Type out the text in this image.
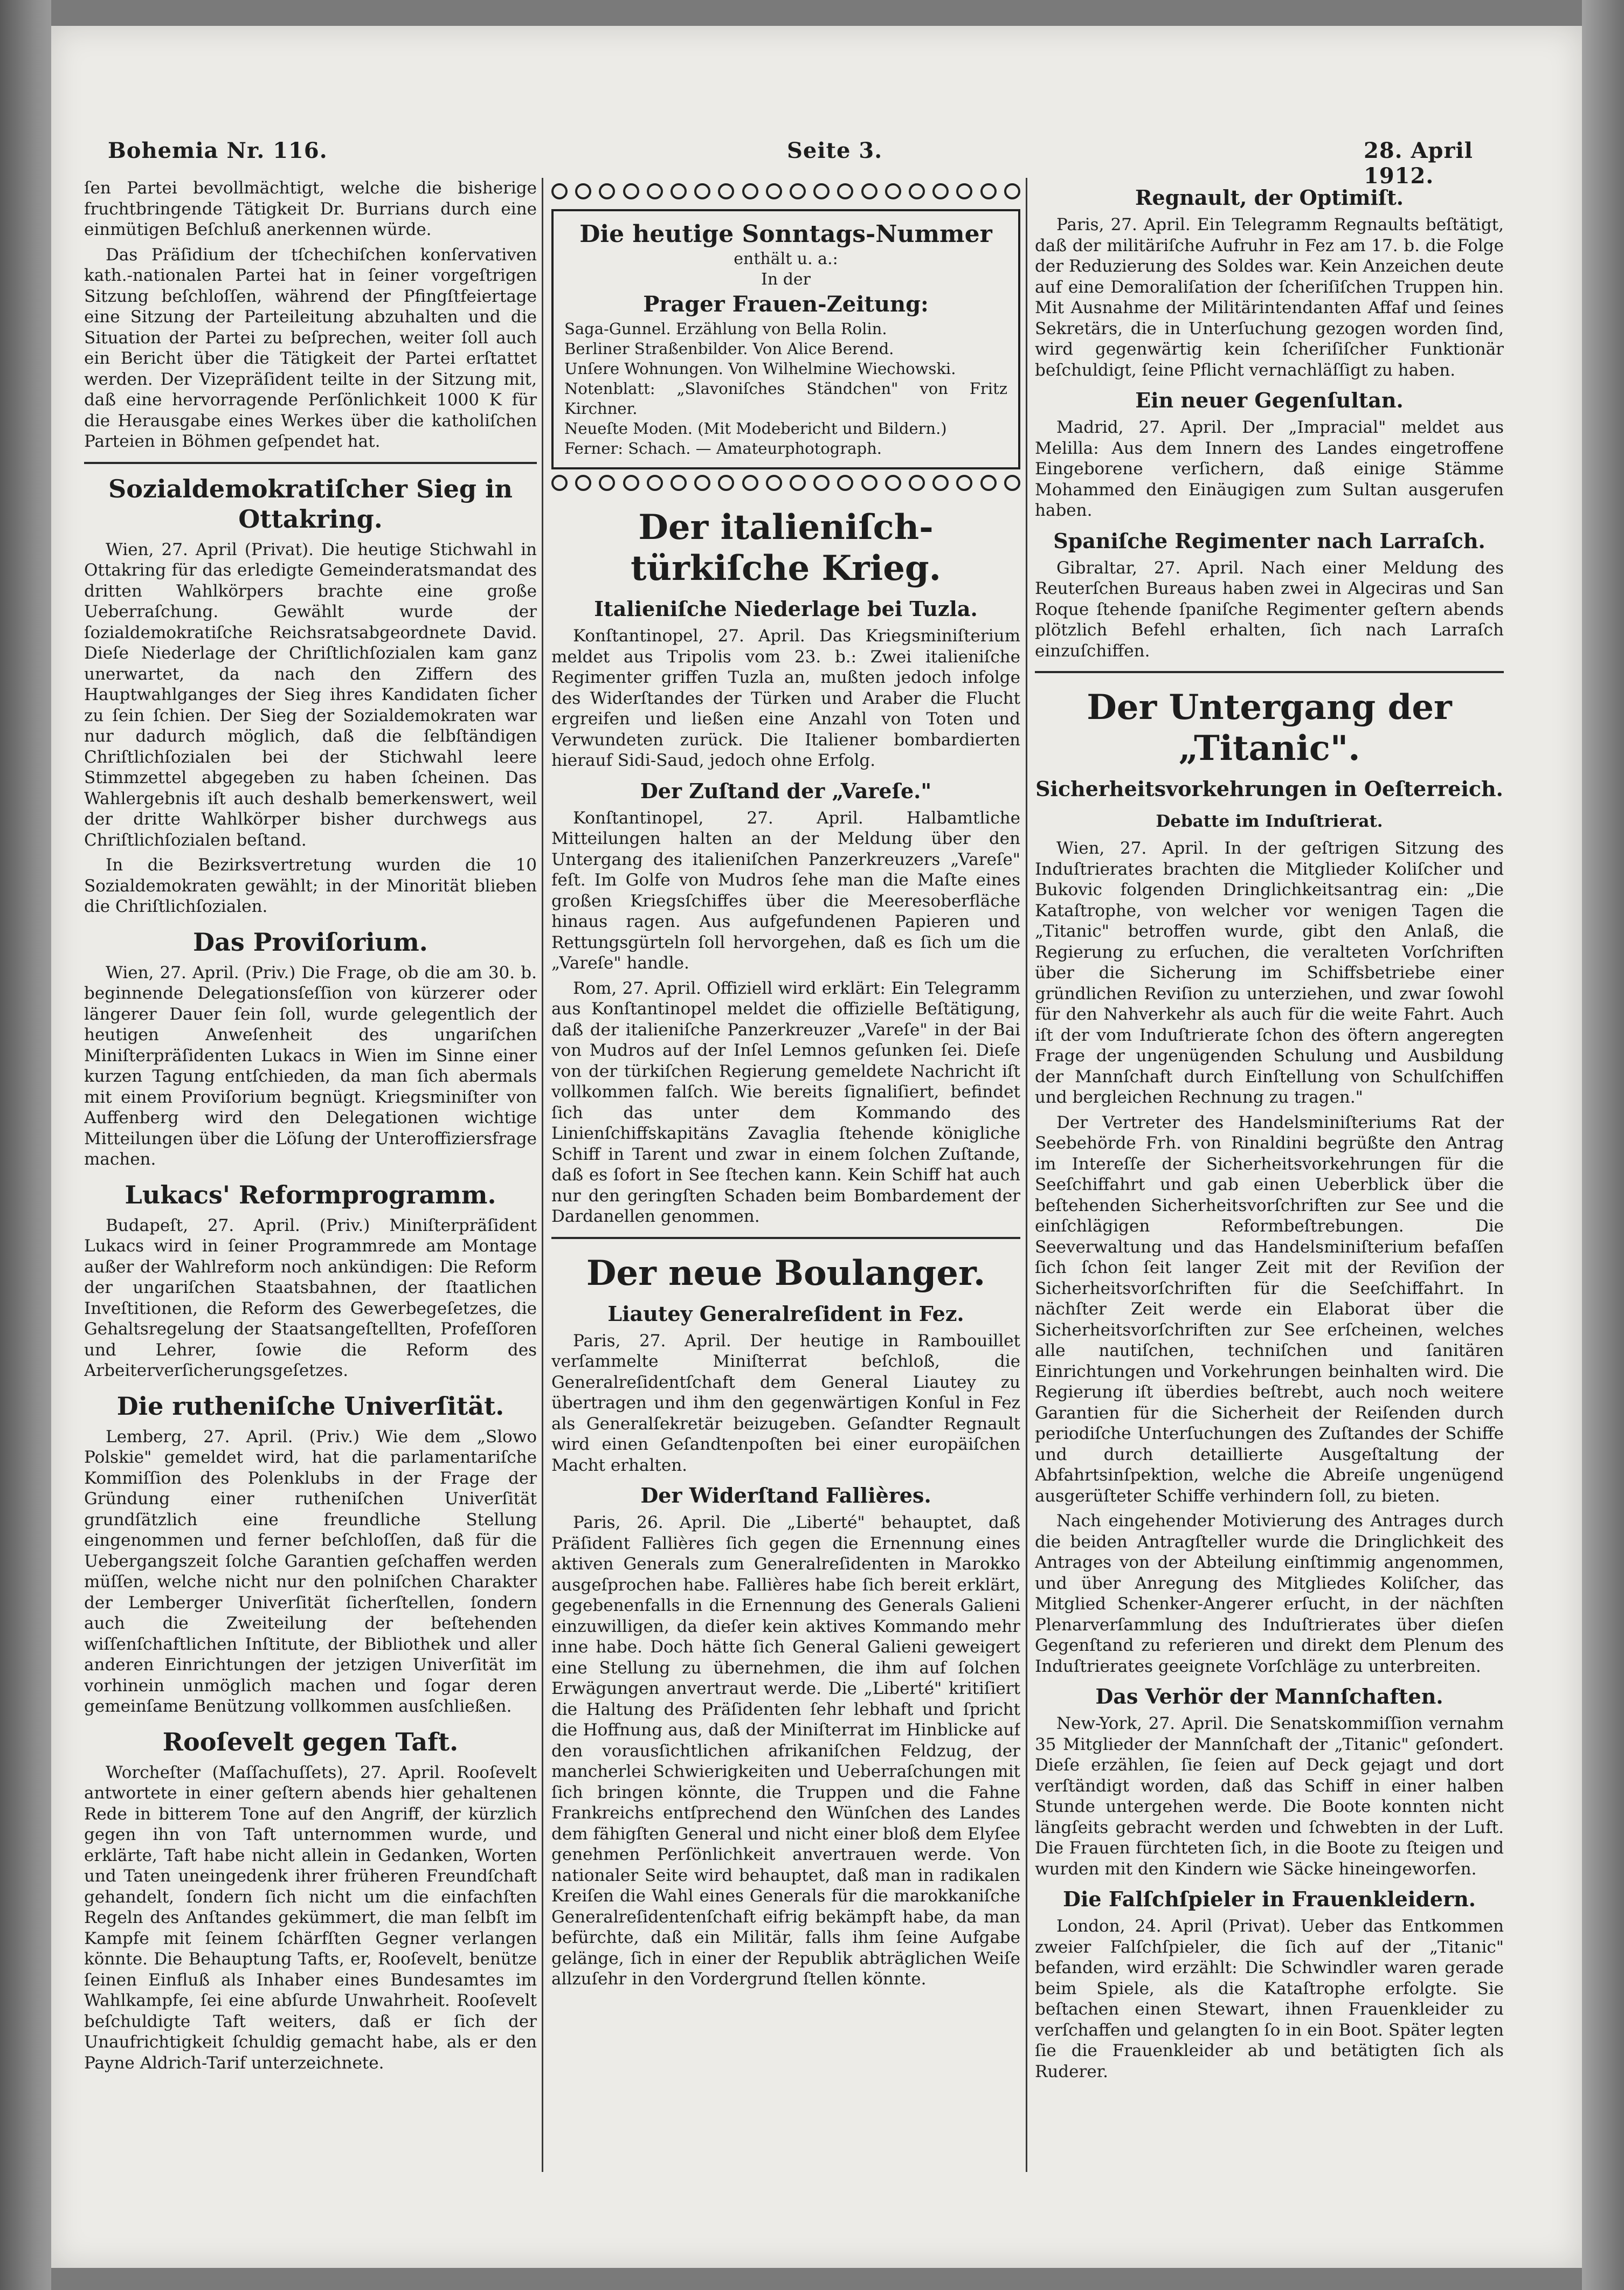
Bohemia Nr. 116.	Seite 3.	28. April 1912.

ſen Partei bevollmächtigt, welche die bisherige fruchtbringende Tätigkeit Dr. Burrians durch eine einmütigen Beſchluß anerkennen würde.

Das Präſidium der tſchechiſchen konſervativen kath.-nationalen Partei hat in ſeiner vorgeſtrigen Sitzung beſchloſſen, während der Pfingſtfeiertage eine Sitzung der Parteileitung abzuhalten und die Situation der Partei zu beſprechen, weiter ſoll auch ein Bericht über die Tätigkeit der Partei erſtattet werden. Der Vizepräſident teilte in der Sitzung mit, daß eine hervorragende Perſönlichkeit 1000 K für die Herausgabe eines Werkes über die katholiſchen Parteien in Böhmen geſpendet hat.

Sozialdemokratiſcher Sieg in Ottakring.

Wien, 27. April (Privat). Die heutige Stichwahl in Ottakring für das erledigte Gemeinderatsmandat des dritten Wahlkörpers brachte eine große Ueberraſchung. Gewählt wurde der ſozialdemokratiſche Reichsratsabgeordnete David. Dieſe Niederlage der Chriſtlichſozialen kam ganz unerwartet, da nach den Ziffern des Hauptwahlganges der Sieg ihres Kandidaten ſicher zu ſein ſchien. Der Sieg der Sozialdemokraten war nur dadurch möglich, daß die ſelbſtändigen Chriſtlichſozialen bei der Stichwahl leere Stimmzettel abgegeben zu haben ſcheinen. Das Wahlergebnis iſt auch deshalb bemerkenswert, weil der dritte Wahlkörper bisher durchwegs aus Chriſtlichſozialen beſtand.

In die Bezirksvertretung wurden die 10 Sozialdemokraten gewählt; in der Minorität blieben die Chriſtlichſozialen.

Das Proviſorium.

Wien, 27. April. (Priv.) Die Frage, ob die am 30. b. beginnende Delegationsſeſſion von kürzerer oder längerer Dauer ſein ſoll, wurde gelegentlich der heutigen Anweſenheit des ungariſchen Miniſterpräſidenten Lukacs in Wien im Sinne einer kurzen Tagung entſchieden, da man ſich abermals mit einem Proviſorium begnügt. Kriegsminiſter von Auffenberg wird den Delegationen wichtige Mitteilungen über die Löſung der Unteroffiziersfrage machen.

Lukacs' Reformprogramm.

Budapeſt, 27. April. (Priv.) Miniſterpräſident Lukacs wird in ſeiner Programmrede am Montage außer der Wahlreform noch ankündigen: Die Reform der ungariſchen Staatsbahnen, der ſtaatlichen Inveſtitionen, die Reform des Gewerbegeſetzes, die Gehaltsregelung der Staatsangeſtellten, Profeſſoren und Lehrer, ſowie die Reform des Arbeiterverſicherungsgeſetzes.

Die rutheniſche Univerſität.

Lemberg, 27. April. (Priv.) Wie dem „Slowo Polskie" gemeldet wird, hat die parlamentariſche Kommiſſion des Polenklubs in der Frage der Gründung einer rutheniſchen Univerſität grundſätzlich eine freundliche Stellung eingenommen und ferner beſchloſſen, daß für die Uebergangszeit ſolche Garantien geſchaffen werden müſſen, welche nicht nur den polniſchen Charakter der Lemberger Univerſität ſicherſtellen, ſondern auch die Zweiteilung der beſtehenden wiſſenſchaftlichen Inſtitute, der Bibliothek und aller anderen Einrichtungen der jetzigen Univerſität im vorhinein unmöglich machen und ſogar deren gemeinſame Benützung vollkommen ausſchließen.

Rooſevelt gegen Taft.

Worcheſter (Maſſachuſſets), 27. April. Rooſevelt antwortete in einer geſtern abends hier gehaltenen Rede in bitterem Tone auf den Angriff, der kürzlich gegen ihn von Taft unternommen wurde, und erklärte, Taft habe nicht allein in Gedanken, Worten und Taten uneingedenk ihrer früheren Freundſchaft gehandelt, ſondern ſich nicht um die einfachſten Regeln des Anſtandes gekümmert, die man ſelbſt im Kampfe mit ſeinem ſchärfſten Gegner verlangen könnte. Die Behauptung Tafts, er, Rooſevelt, benütze ſeinen Einfluß als Inhaber eines Bundesamtes im Wahlkampfe, ſei eine abſurde Unwahrheit. Rooſevelt beſchuldigte Taft weiters, daß er ſich der Unaufrichtigkeit ſchuldig gemacht habe, als er den Payne Aldrich-Tarif unterzeichnete.

Die heutige Sonntags-Nummer
enthält u. a.:
In der
Prager Frauen-Zeitung:
Saga-Gunnel. Erzählung von Bella Rolin.
Berliner Straßenbilder. Von Alice Berend.
Unſere Wohnungen. Von Wilhelmine Wiechowski.
Notenblatt: „Slavoniſches Ständchen" von Fritz Kirchner.
Neueſte Moden. (Mit Modebericht und Bildern.)
Ferner: Schach. — Amateurphotograph.
Der italieniſch-türkiſche Krieg.
Italieniſche Niederlage bei Tuzla.

Konſtantinopel, 27. April. Das Kriegsminiſterium meldet aus Tripolis vom 23. b.: Zwei italieniſche Regimenter griffen Tuzla an, mußten jedoch infolge des Widerſtandes der Türken und Araber die Flucht ergreifen und ließen eine Anzahl von Toten und Verwundeten zurück. Die Italiener bombardierten hierauf Sidi-Saud, jedoch ohne Erfolg.

Der Zuſtand der „Vareſe."

Konſtantinopel, 27. April. Halbamtliche Mitteilungen halten an der Meldung über den Untergang des italieniſchen Panzerkreuzers „Vareſe" feſt. Im Golfe von Mudros ſehe man die Maſte eines großen Kriegsſchiffes über die Meeresoberfläche hinaus ragen. Aus aufgefundenen Papieren und Rettungsgürteln ſoll hervorgehen, daß es ſich um die „Vareſe" handle.

Rom, 27. April. Offiziell wird erklärt: Ein Telegramm aus Konſtantinopel meldet die offizielle Beſtätigung, daß der italieniſche Panzerkreuzer „Vareſe" in der Bai von Mudros auf der Inſel Lemnos geſunken ſei. Dieſe von der türkiſchen Regierung gemeldete Nachricht iſt vollkommen falſch. Wie bereits ſignaliſiert, befindet ſich das unter dem Kommando des Linienſchiffskapitäns Zavaglia ſtehende königliche Schiff in Tarent und zwar in einem ſolchen Zuſtande, daß es ſofort in See ſtechen kann. Kein Schiff hat auch nur den geringſten Schaden beim Bombardement der Dardanellen genommen.

Der neue Boulanger.
Liautey Generalreſident in Fez.

Paris, 27. April. Der heutige in Rambouillet verſammelte Miniſterrat beſchloß, die Generalreſidentſchaft dem General Liautey zu übertragen und ihm den gegenwärtigen Konſul in Fez als Generalſekretär beizugeben. Geſandter Regnault wird einen Geſandtenpoſten bei einer europäiſchen Macht erhalten.

Der Widerſtand Fallières.

Paris, 26. April. Die „Liberté" behauptet, daß Präſident Fallières ſich gegen die Ernennung eines aktiven Generals zum Generalreſidenten in Marokko ausgeſprochen habe. Fallières habe ſich bereit erklärt, gegebenenfalls in die Ernennung des Generals Galieni einzuwilligen, da dieſer kein aktives Kommando mehr inne habe. Doch hätte ſich General Galieni geweigert eine Stellung zu übernehmen, die ihm auf ſolchen Erwägungen anvertraut werde. Die „Liberté" kritiſiert die Haltung des Präſidenten ſehr lebhaft und ſpricht die Hoffnung aus, daß der Miniſterrat im Hinblicke auf den vorausſichtlichen afrikaniſchen Feldzug, der mancherlei Schwierigkeiten und Ueberraſchungen mit ſich bringen könnte, die Truppen und die Fahne Frankreichs entſprechend den Wünſchen des Landes dem fähigſten General und nicht einer bloß dem Elyſee genehmen Perſönlichkeit anvertrauen werde. Von nationaler Seite wird behauptet, daß man in radikalen Kreiſen die Wahl eines Generals für die marokkaniſche Generalreſidentenſchaft eifrig bekämpft habe, da man befürchte, daß ein Militär, falls ihm ſeine Aufgabe gelänge, ſich in einer der Republik abträglichen Weiſe allzuſehr in den Vordergrund ſtellen könnte.

Regnault, der Optimiſt.

Paris, 27. April. Ein Telegramm Regnaults beſtätigt, daß der militäriſche Aufruhr in Fez am 17. b. die Folge der Reduzierung des Soldes war. Kein Anzeichen deute auf eine Demoraliſation der ſcheriſiſchen Truppen hin. Mit Ausnahme der Militärintendanten Affaf und ſeines Sekretärs, die in Unterſuchung gezogen worden ſind, wird gegenwärtig kein ſcheriſiſcher Funktionär beſchuldigt, ſeine Pflicht vernachläſſigt zu haben.

Ein neuer Gegenſultan.

Madrid, 27. April. Der „Impracial" meldet aus Melilla: Aus dem Innern des Landes eingetroffene Eingeborene verſichern, daß einige Stämme Mohammed den Einäugigen zum Sultan ausgerufen haben.

Spaniſche Regimenter nach Larraſch.

Gibraltar, 27. April. Nach einer Meldung des Reuterſchen Bureaus haben zwei in Algeciras und San Roque ſtehende ſpaniſche Regimenter geſtern abends plötzlich Befehl erhalten, ſich nach Larraſch einzuſchiffen.

Der Untergang der „Titanic".
Sicherheitsvorkehrungen in Oeſterreich.
Debatte im Induſtrierat.

Wien, 27. April. In der geſtrigen Sitzung des Induſtrierates brachten die Mitglieder Koliſcher und Bukovic folgenden Dringlichkeitsantrag ein: „Die Kataſtrophe, von welcher vor wenigen Tagen die „Titanic" betroffen wurde, gibt den Anlaß, die Regierung zu erſuchen, die veralteten Vorſchriften über die Sicherung im Schiffsbetriebe einer gründlichen Reviſion zu unterziehen, und zwar ſowohl für den Nahverkehr als auch für die weite Fahrt. Auch iſt der vom Induſtrierate ſchon des öftern angeregten Frage der ungenügenden Schulung und Ausbildung der Mannſchaft durch Einſtellung von Schulſchiffen und bergleichen Rechnung zu tragen."

Der Vertreter des Handelsminiſteriums Rat der Seebehörde Frh. von Rinaldini begrüßte den Antrag im Intereſſe der Sicherheitsvorkehrungen für die Seeſchiffahrt und gab einen Ueberblick über die beſtehenden Sicherheitsvorſchriften zur See und die einſchlägigen Reformbeſtrebungen. Die Seeverwaltung und das Handelsminiſterium befaſſen ſich ſchon ſeit langer Zeit mit der Reviſion der Sicherheitsvorſchriften für die Seeſchiffahrt. In nächſter Zeit werde ein Elaborat über die Sicherheitsvorſchriften zur See erſcheinen, welches alle nautiſchen, techniſchen und ſanitären Einrichtungen und Vorkehrungen beinhalten wird. Die Regierung iſt überdies beſtrebt, auch noch weitere Garantien für die Sicherheit der Reiſenden durch periodiſche Unterſuchungen des Zuſtandes der Schiffe und durch detaillierte Ausgeſtaltung der Abfahrtsinſpektion, welche die Abreiſe ungenügend ausgerüſteter Schiffe verhindern ſoll, zu bieten.

Nach eingehender Motivierung des Antrages durch die beiden Antragſteller wurde die Dringlichkeit des Antrages von der Abteilung einſtimmig angenommen, und über Anregung des Mitgliedes Koliſcher, das Mitglied Schenker-Angerer erſucht, in der nächſten Plenarverſammlung des Induſtrierates über dieſen Gegenſtand zu referieren und direkt dem Plenum des Induſtrierates geeignete Vorſchläge zu unterbreiten.

Das Verhör der Mannſchaften.

New-York, 27. April. Die Senatskommiſſion vernahm 35 Mitglieder der Mannſchaft der „Titanic" geſondert. Dieſe erzählen, ſie ſeien auf Deck gejagt und dort verſtändigt worden, daß das Schiff in einer halben Stunde untergehen werde. Die Boote konnten nicht längſeits gebracht werden und ſchwebten in der Luft. Die Frauen fürchteten ſich, in die Boote zu ſteigen und wurden mit den Kindern wie Säcke hineingeworfen.

Die Falſchſpieler in Frauenkleidern.

London, 24. April (Privat). Ueber das Entkommen zweier Falſchſpieler, die ſich auf der „Titanic" befanden, wird erzählt: Die Schwindler waren gerade beim Spiele, als die Kataſtrophe erfolgte. Sie beſtachen einen Stewart, ihnen Frauenkleider zu verſchaffen und gelangten ſo in ein Boot. Später legten ſie die Frauenkleider ab und betätigten ſich als Ruderer.
